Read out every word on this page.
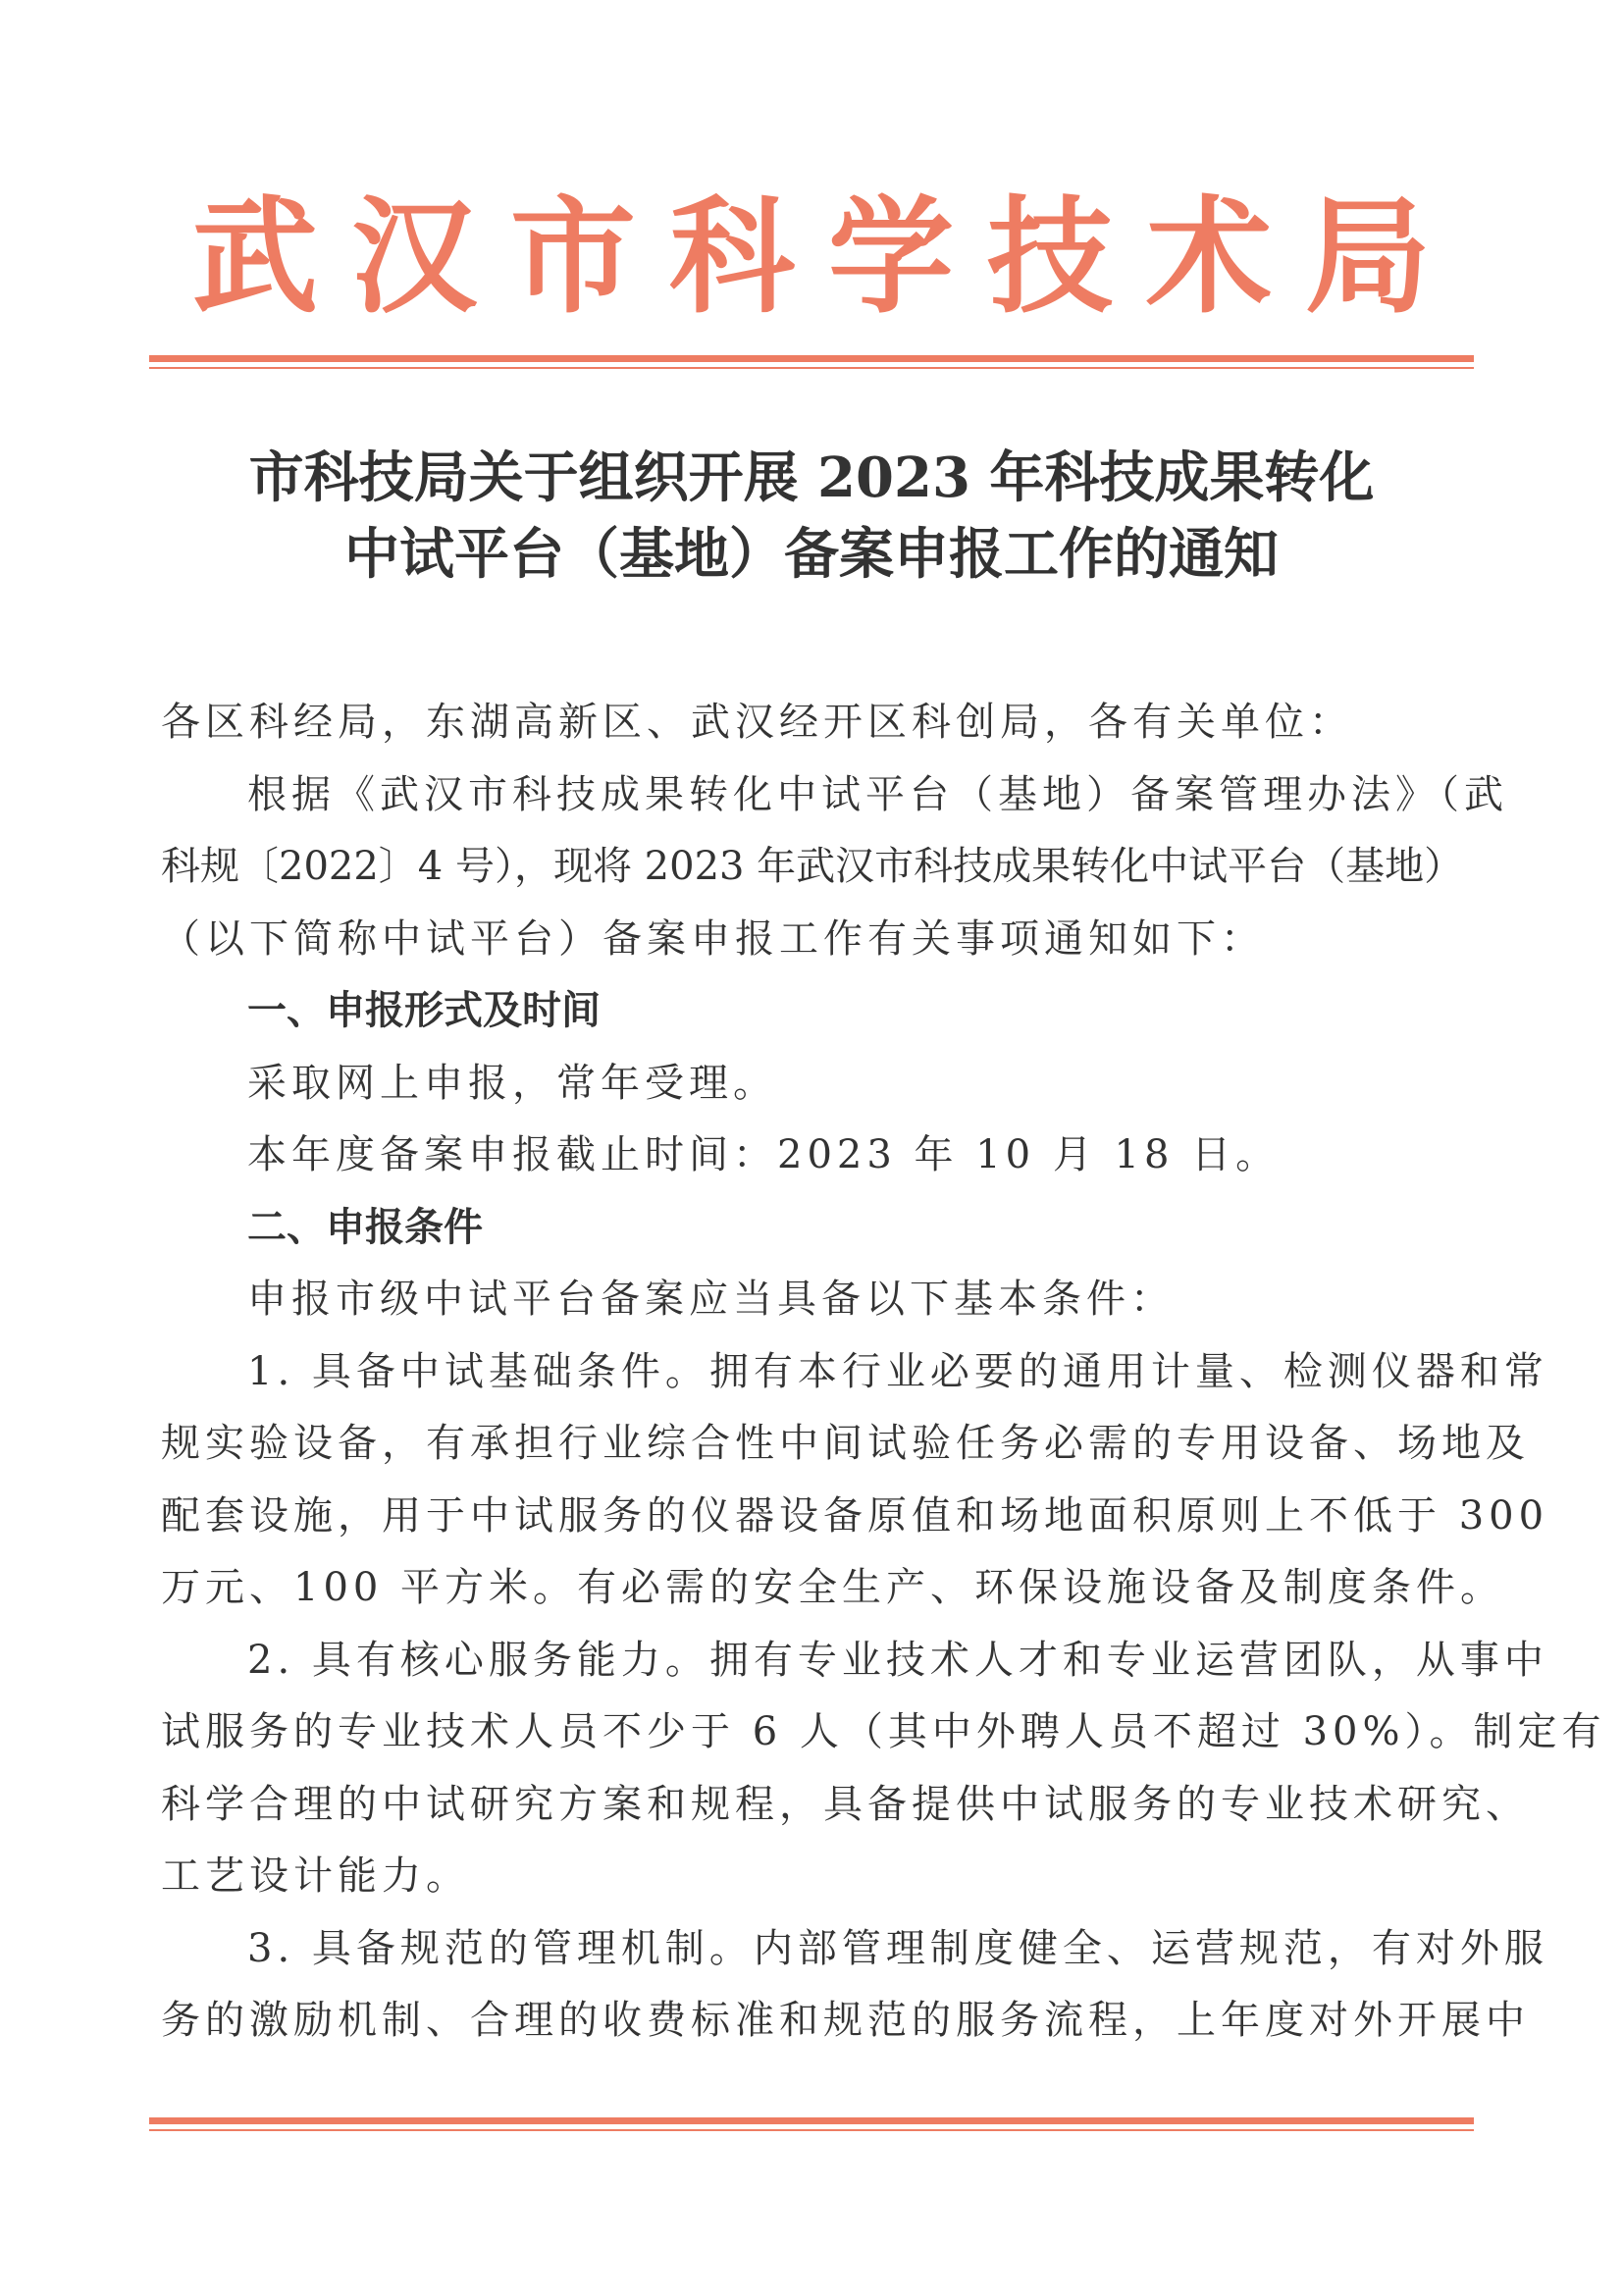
武汉市科学技术局
市科技局关于组织开展 2023 年科技成果转化
中试平台（基地）备案申报工作的通知
各区科经局，东湖高新区、武汉经开区科创局，各有关单位：
根据《武汉市科技成果转化中试平台（基地）备案管理办法》（武
科规〔2022〕4 号），现将 2023 年武汉市科技成果转化中试平台（基地）
（以下简称中试平台）备案申报工作有关事项通知如下：
一、申报形式及时间
采取网上申报，常年受理。
本年度备案申报截止时间：2023 年 10 月 18 日。
二、申报条件
申报市级中试平台备案应当具备以下基本条件：
1. 具备中试基础条件。拥有本行业必要的通用计量、检测仪器和常
规实验设备，有承担行业综合性中间试验任务必需的专用设备、场地及
配套设施，用于中试服务的仪器设备原值和场地面积原则上不低于 300
万元、100 平方米。有必需的安全生产、环保设施设备及制度条件。
2. 具有核心服务能力。拥有专业技术人才和专业运营团队，从事中
试服务的专业技术人员不少于 6 人（其中外聘人员不超过 30%）。制定有
科学合理的中试研究方案和规程，具备提供中试服务的专业技术研究、
工艺设计能力。
3. 具备规范的管理机制。内部管理制度健全、运营规范，有对外服
务的激励机制、合理的收费标准和规范的服务流程，上年度对外开展中
